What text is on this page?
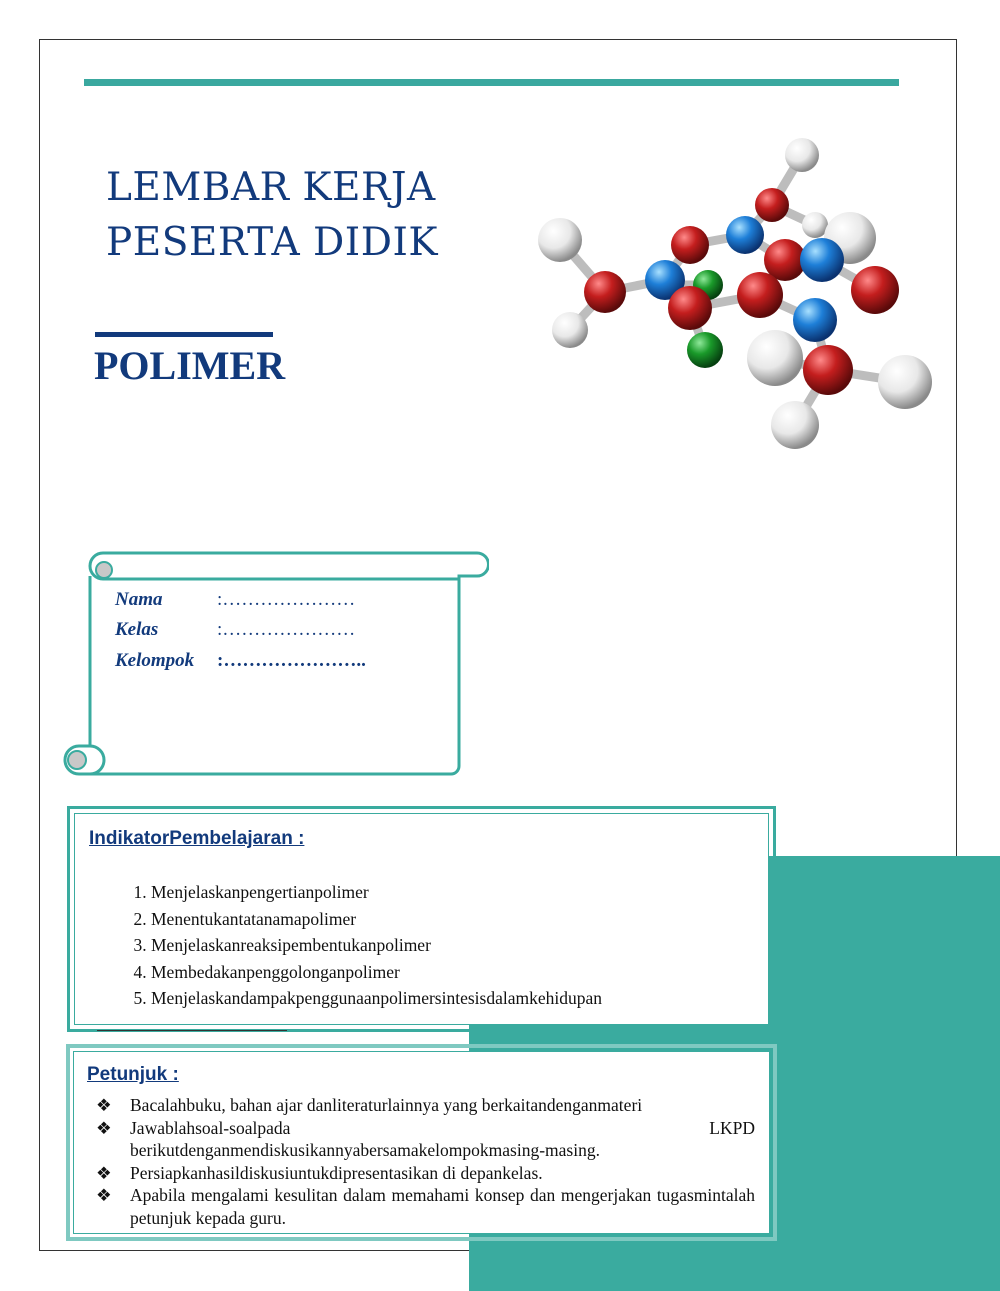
LEMBAR KERJA
PESERTA DIDIK
POLIMER
Nama	:…………………
Kelas	:…………………
Kelompok :…………………..
IndikatorPembelajaran :
1. Menjelaskanpengertianpolimer
2. Menentukantatanamapolimer
3. Menjelaskanreaksipembentukanpolimer
4. Membedakanpenggolonganpolimer
5. Menjelaskandampakpenggunaanpolimersintesisdalamkehidupan
Petunjuk :
❖ Bacalahbuku, bahan ajar danliteraturlainnya yang berkaitandenganmateri
❖ Jawablahsoal-soalpada	LKPD
berikutdenganmendiskusikannyabersamakelompokmasing-masing.
❖ Persiapkanhasildiskusiuntukdipresentasikan di depankelas.
❖ Apabila mengalami kesulitan dalam memahami konsep dan mengerjakan tugasmintalah petunjuk kepada guru.
